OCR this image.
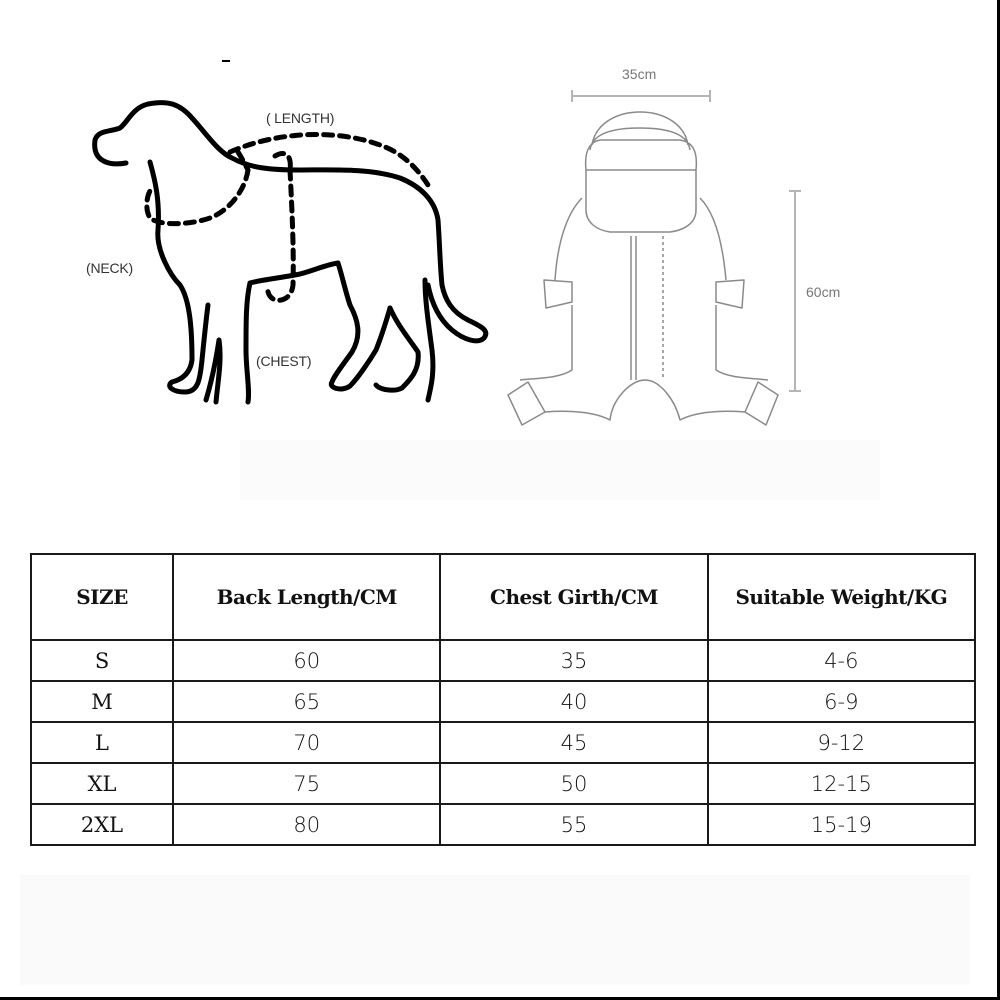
( LENGTH)
(NECK)
(CHEST)
35cm
60cm
SIZE	Back Length/CM	Chest Girth/CM	Suitable Weight/KG
S	60	35	4-6
M	65	40	6-9
L	70	45	9-12
XL	75	50	12-15
2XL	80	55	15-19
